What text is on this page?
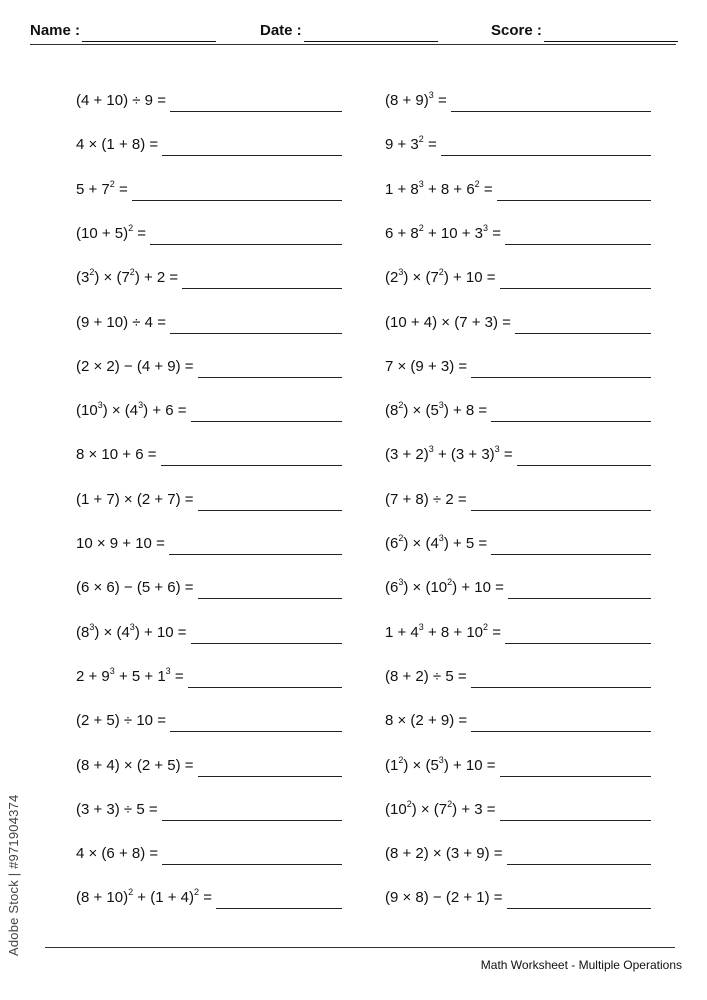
Name :	Date :	Score :
(4 + 10) ÷ 9 =
4 × (1 + 8) =
$5 + 7^2$ =
$(10 + 5)^2$ =
$(3^2) \times (7^2) + 2$ =
(9 + 10) ÷ 4 =
(2 × 2) − (4 + 9) =
$(10^3) \times (4^3) + 6$ =
8 × 10 + 6 =
(1 + 7) × (2 + 7) =
10 × 9 + 10 =
(6 × 6) − (5 + 6) =
$(8^3) \times (4^3) + 10$ =
$2 + 9^3 + 5 + 1^3$ =
(2 + 5) ÷ 10 =
(8 + 4) × (2 + 5) =
(3 + 3) ÷ 5 =
4 × (6 + 8) =
$(8 + 10)^2 + (1 + 4)^2$ =
$(8 + 9)^3$ =
$9 + 3^2$ =
$1 + 8^3 + 8 + 6^2$ =
$6 + 8^2 + 10 + 3^3$ =
$(2^3) \times (7^2) + 10$ =
(10 + 4) × (7 + 3) =
7 × (9 + 3) =
$(8^2) \times (5^3) + 8$ =
$(3 + 2)^3 + (3 + 3)^3$ =
(7 + 8) ÷ 2 =
$(6^2) \times (4^3) + 5$ =
$(6^3) \times (10^2) + 10$ =
$1 + 4^3 + 8 + 10^2$ =
(8 + 2) ÷ 5 =
8 × (2 + 9) =
$(1^2) \times (5^3) + 10$ =
$(10^2) \times (7^2) + 3$ =
(8 + 2) × (3 + 9) =
(9 × 8) − (2 + 1) =
Adobe Stock | #971904374
Math Worksheet - Multiple Operations
